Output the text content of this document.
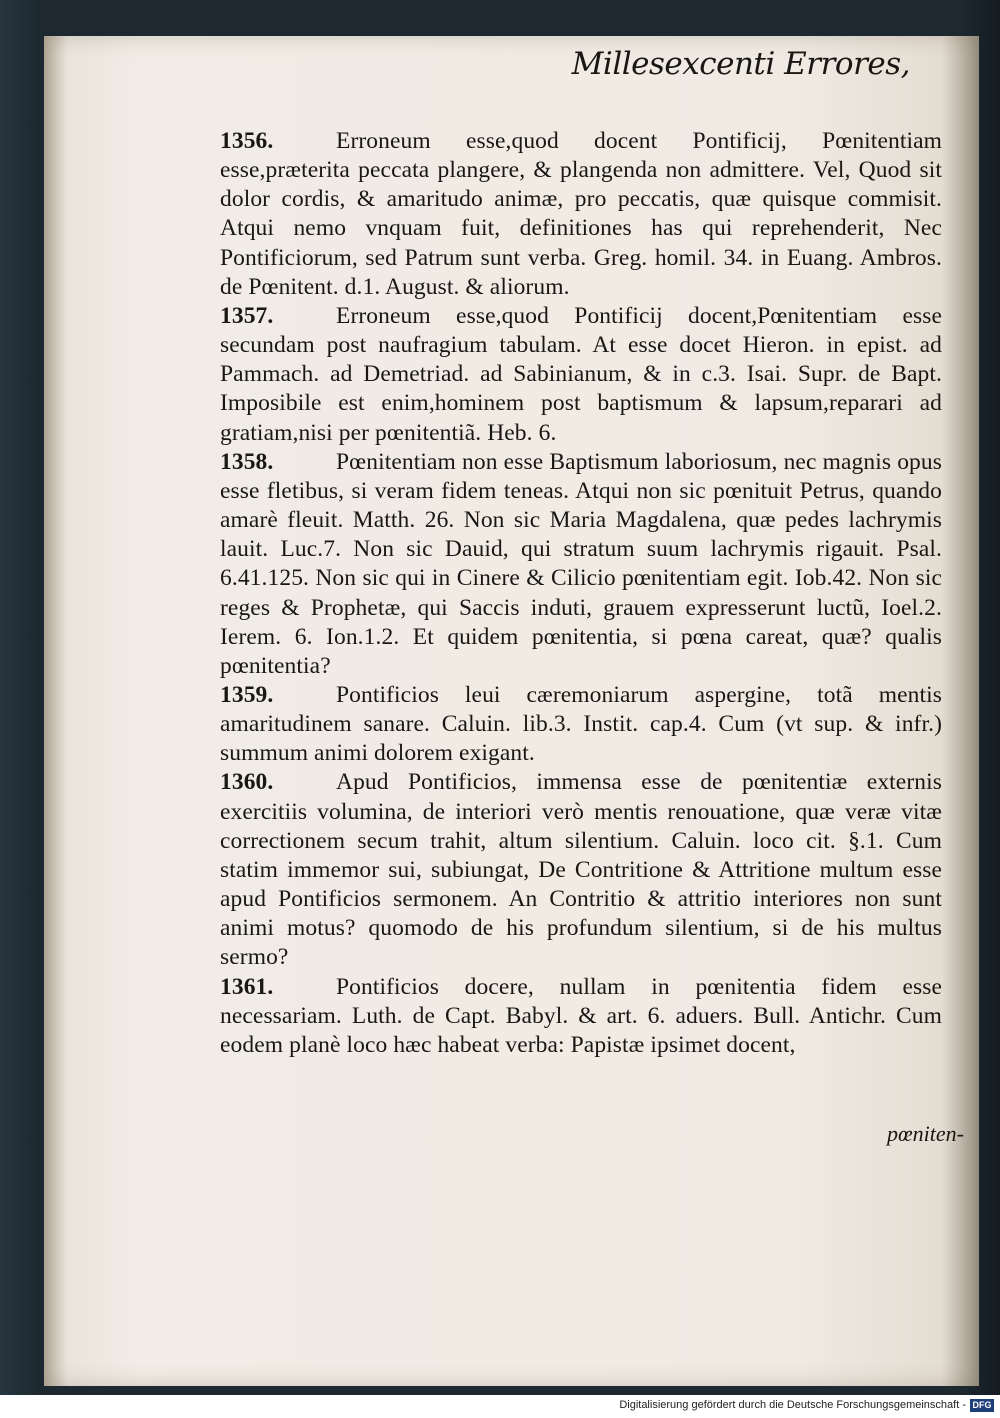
Millesexcenti Errores,

1356.	Erroneum esse,quod docent Pontificij, Pœnitentiam esse,præterita peccata plangere, & plangenda non admittere. Vel, Quod sit dolor cordis, & amaritudo animæ, pro peccatis, quæ quisque commisit. Atqui nemo vnquam fuit, definitiones has qui reprehenderit, Nec Pontificiorum, sed Patrum sunt verba. Greg. homil. 34. in Euang. Ambros. de Pœnitent. d.1. August. & aliorum.

1357.	Erroneum esse,quod Pontificij docent,Pœnitentiam esse secundam post naufragium tabulam. At esse docet Hieron. in epist. ad Pammach. ad Demetriad. ad Sabinianum, & in c.3. Isai. Supr. de Bapt. Imposibile est enim,hominem post baptismum & lapsum,reparari ad gratiam,nisi per pœnitentiã. Heb. 6.

1358.	Pœnitentiam non esse Baptismum laboriosum, nec magnis opus esse fletibus, si veram fidem teneas. Atqui non sic pœnituit Petrus, quando amarè fleuit. Matth. 26. Non sic Maria Magdalena, quæ pedes lachrymis lauit. Luc.7. Non sic Dauid, qui stratum suum lachrymis rigauit. Psal. 6.41.125. Non sic qui in Cinere & Cilicio pœnitentiam egit. Iob.42. Non sic reges & Prophetæ, qui Saccis induti, grauem expresserunt luctũ, Ioel.2. Ierem. 6. Ion.1.2. Et quidem pœnitentia, si pœna careat, quæ? qualis pœnitentia?

1359.	Pontificios leui cæremoniarum aspergine, totã mentis amaritudinem sanare. Caluin. lib.3. Instit. cap.4. Cum (vt sup. & infr.) summum animi dolorem exigant.

1360.	Apud Pontificios, immensa esse de pœnitentiæ externis exercitiis volumina, de interiori verò mentis renouatione, quæ veræ vitæ correctionem secum trahit, altum silentium. Caluin. loco cit. §.1. Cum statim immemor sui, subiungat, De Contritione & Attritione multum esse apud Pontificios sermonem. An Contritio & attritio interiores non sunt animi motus? quomodo de his profundum silentium, si de his multus sermo?

1361.	Pontificios docere, nullam in pœnitentia fidem esse necessariam. Luth. de Capt. Babyl. & art. 6. aduers. Bull. Antichr. Cum eodem planè loco hæc habeat verba: Papistæ ipsimet docent,

pœniten-
Digitalisierung gefördert durch die Deutsche Forschungsgemeinschaft - DFG
